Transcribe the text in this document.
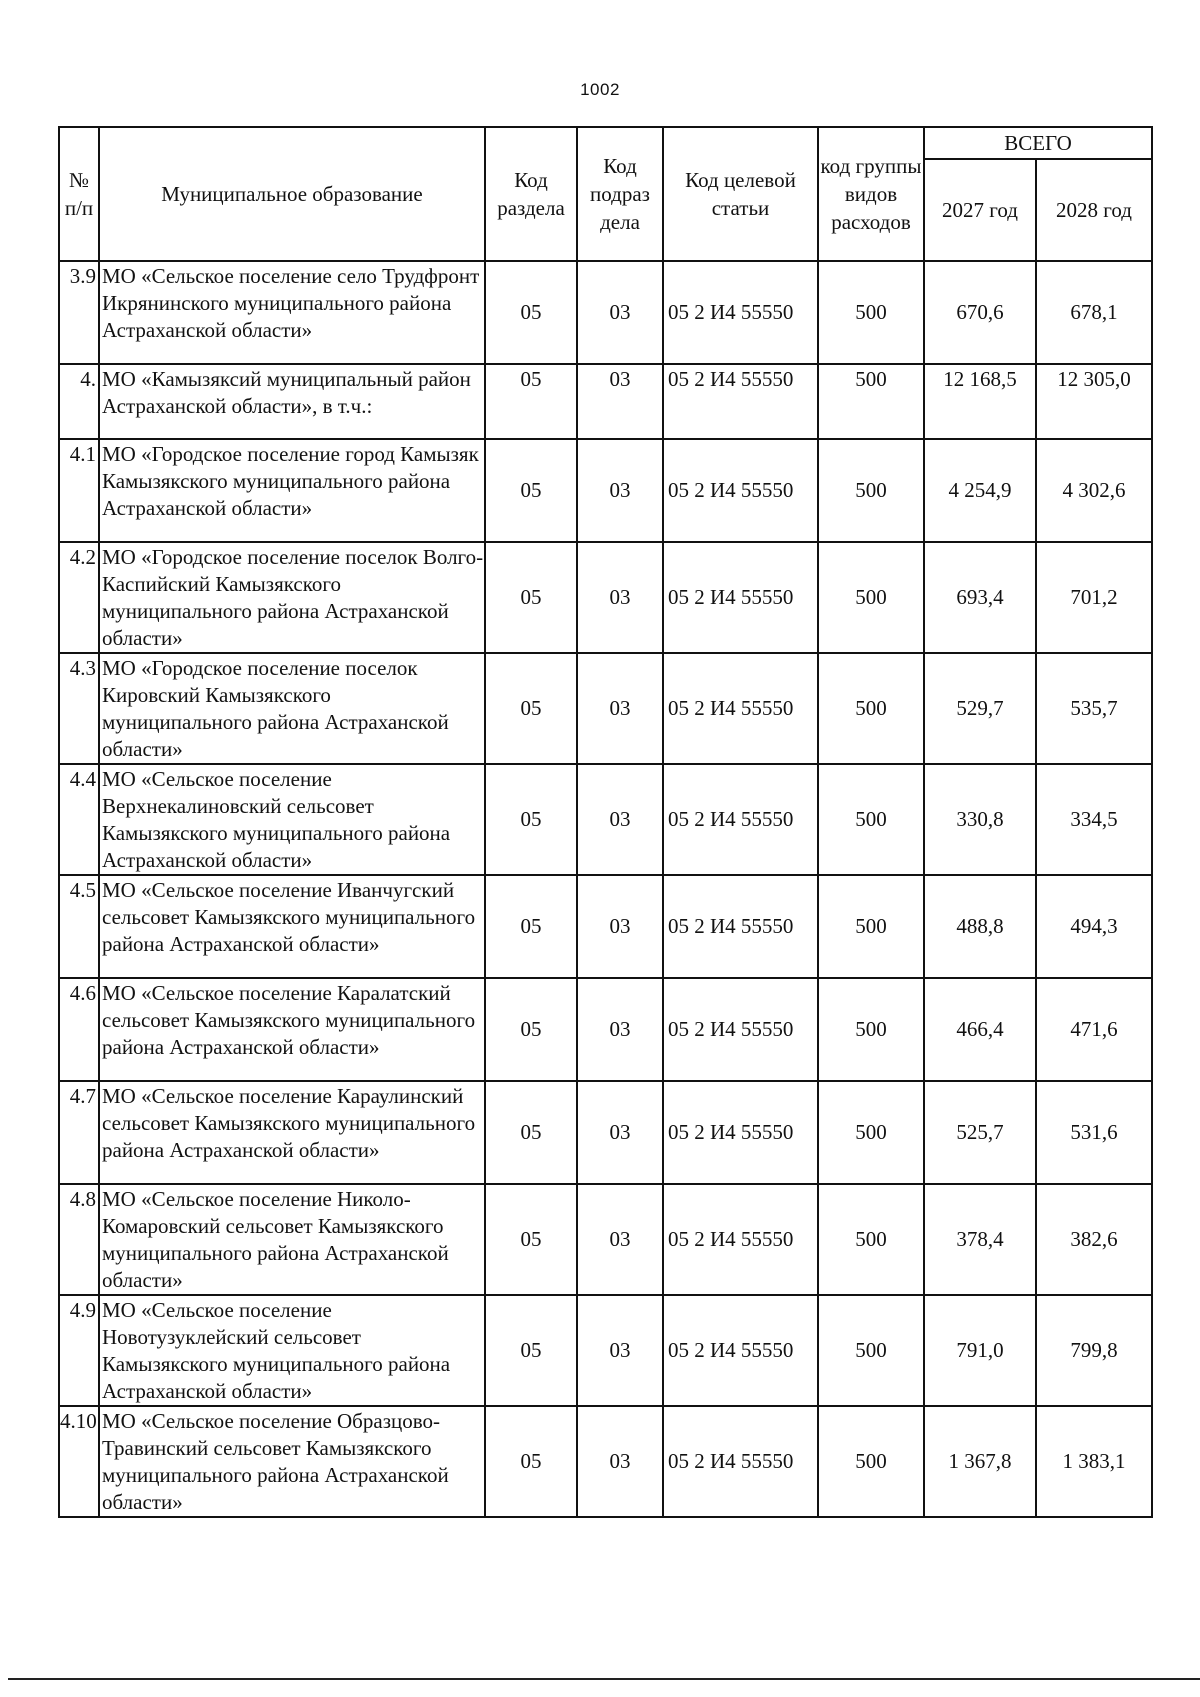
1002
№ п/п	Муниципальное образование	Код раздела	Код подраз дела	Код целевой статьи	код группы видов расходов	ВСЕГО	
						2027 год	2028 год
3.9	МО «Сельское поселение село Трудфронт Икрянинского муниципального района Астраханской области»	05	03	05 2 И4 55550	500	670,6	678,1
4.	МО «Камызяксий муниципальный район Астраханской области», в т.ч.:	05	03	05 2 И4 55550	500	12 168,5	12 305,0
4.1	МО «Городское поселение город Камызяк Камызякского муниципального района Астраханской области»	05	03	05 2 И4 55550	500	4 254,9	4 302,6
4.2	МО «Городское поселение поселок Волго-Каспийский Камызякского муниципального района Астраханской области»	05	03	05 2 И4 55550	500	693,4	701,2
4.3	МО «Городское поселение поселок Кировский Камызякского муниципального района Астраханской области»	05	03	05 2 И4 55550	500	529,7	535,7
4.4	МО «Сельское поселение Верхнекалиновский сельсовет Камызякского муниципального района Астраханской области»	05	03	05 2 И4 55550	500	330,8	334,5
4.5	МО «Сельское поселение Иванчугский сельсовет Камызякского муниципального района Астраханской области»	05	03	05 2 И4 55550	500	488,8	494,3
4.6	МО «Сельское поселение Каралатский сельсовет Камызякского муниципального района Астраханской области»	05	03	05 2 И4 55550	500	466,4	471,6
4.7	МО «Сельское поселение Караулинский сельсовет Камызякского муниципального района Астраханской области»	05	03	05 2 И4 55550	500	525,7	531,6
4.8	МО «Сельское поселение Николо-Комаровский сельсовет Камызякского муниципального района Астраханской области»	05	03	05 2 И4 55550	500	378,4	382,6
4.9	МО «Сельское поселение Новотузуклейский сельсовет Камызякского муниципального района Астраханской области»	05	03	05 2 И4 55550	500	791,0	799,8
4.10	МО «Сельское поселение Образцово-Травинский сельсовет Камызякского муниципального района Астраханской области»	05	03	05 2 И4 55550	500	1 367,8	1 383,1
